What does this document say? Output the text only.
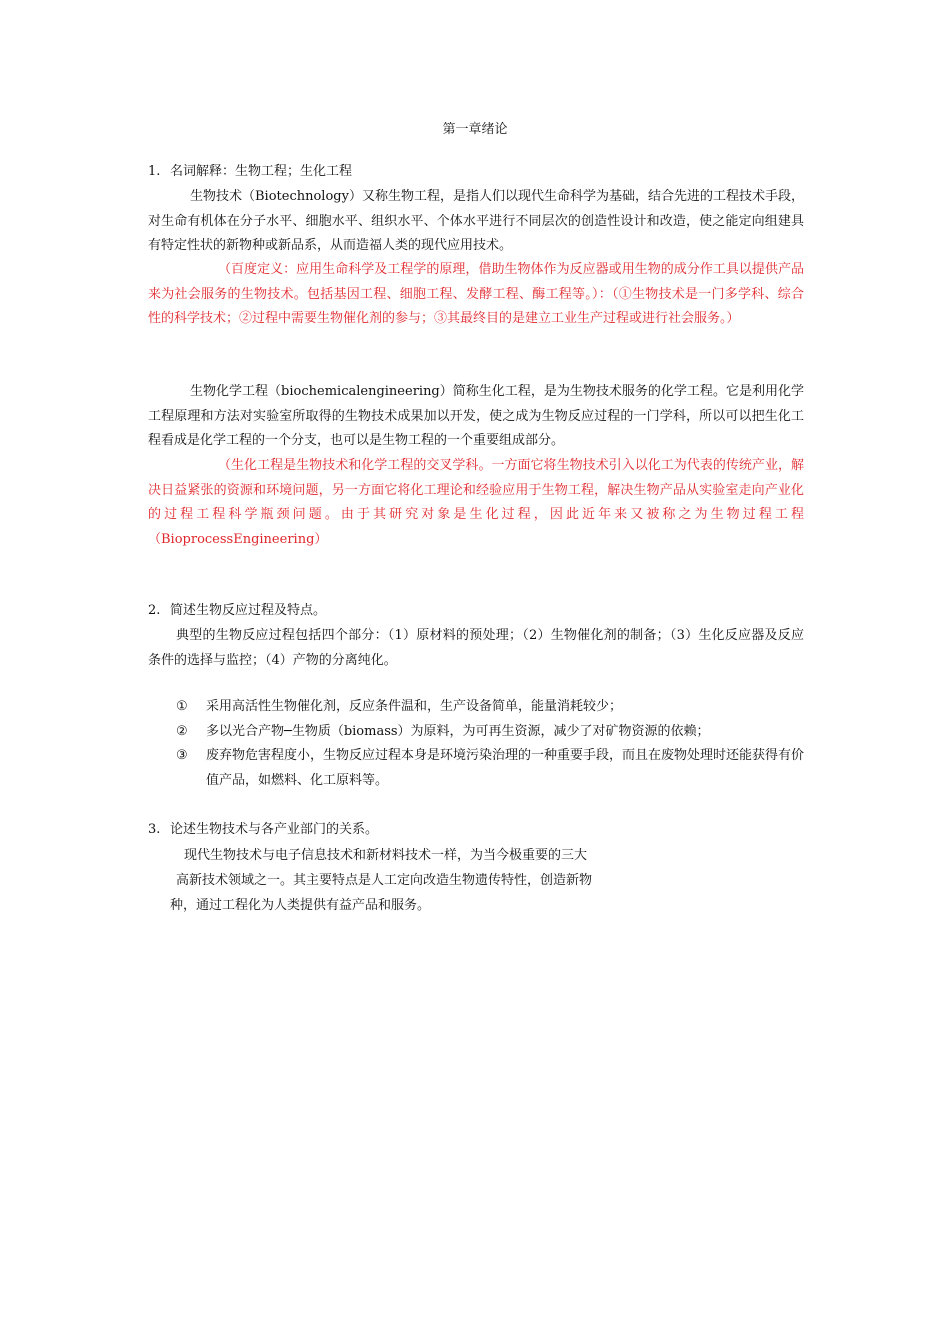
第一章绪论
1. 名词解释：生物工程；生化工程
生物技术（Biotechnology）又称生物工程，是指人们以现代生命科学为基础，结合先进的工程技术手段，对生命有机体在分子水平、细胞水平、组织水平、个体水平进行不同层次的创造性设计和改造，使之能定向组建具有特定性状的新物种或新品系，从而造福人类的现代应用技术。
（百度定义：应用生命科学及工程学的原理，借助生物体作为反应器或用生物的成分作工具以提供产品来为社会服务的生物技术。包括基因工程、细胞工程、发酵工程、酶工程等。）：（①生物技术是一门多学科、综合性的科学技术；②过程中需要生物催化剂的参与；③其最终目的是建立工业生产过程或进行社会服务。）
生物化学工程（biochemicalengineering）简称生化工程，是为生物技术服务的化学工程。它是利用化学工程原理和方法对实验室所取得的生物技术成果加以开发，使之成为生物反应过程的一门学科，所以可以把生化工程看成是化学工程的一个分支，也可以是生物工程的一个重要组成部分。
（生化工程是生物技术和化学工程的交叉学科。一方面它将生物技术引入以化工为代表的传统产业，解决日益紧张的资源和环境问题，另一方面它将化工理论和经验应用于生物工程，解决生物产品从实验室走向产业化的过程工程科学瓶颈问题。由于其研究对象是生化过程，因此近年来又被称之为生物过程工程（BioprocessEngineering）
2. 简述生物反应过程及特点。
典型的生物反应过程包括四个部分：（1）原材料的预处理；（2）生物催化剂的制备；（3）生化反应器及反应条件的选择与监控；（4）产物的分离纯化。
①	采用高活性生物催化剂，反应条件温和，生产设备简单，能量消耗较少；
②	多以光合产物─生物质（biomass）为原料，为可再生资源，减少了对矿物资源的依赖；
③	废弃物危害程度小，生物反应过程本身是环境污染治理的一种重要手段，而且在废物处理时还能获得有价值产品，如燃料、化工原料等。
3. 论述生物技术与各产业部门的关系。
现代生物技术与电子信息技术和新材料技术一样，为当今极重要的三大
高新技术领域之一。其主要特点是人工定向改造生物遗传特性，创造新物
种，通过工程化为人类提供有益产品和服务。
